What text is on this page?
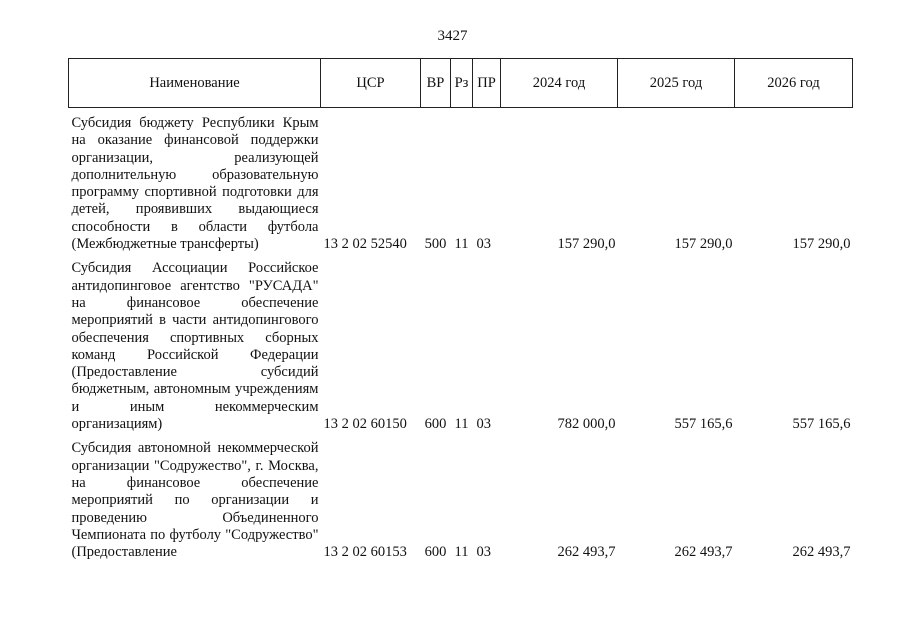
3427
Наименование	ЦСР	ВР	Рз	ПР	2024 год	2025 год	2026 год
Субсидия бюджету Республики Крым на оказание финансовой поддержки организации, реализующей дополнительную образовательную программу спортивной подготовки для детей, проявивших выдающиеся способности в области футбола (Межбюджетные трансферты)	13 2 02 52540	500	11	03	157 290,0	157 290,0	157 290,0
Субсидия Ассоциации Российское антидопинговое агентство "РУСАДА" на финансовое обеспечение мероприятий в части антидопингового обеспечения спортивных сборных команд Российской Федерации (Предоставление субсидий бюджетным, автономным учреждениям и иным некоммерческим организациям)	13 2 02 60150	600	11	03	782 000,0	557 165,6	557 165,6
Субсидия автономной некоммерческой организации "Содружество", г. Москва, на финансовое обеспечение мероприятий по организации и проведению Объединенного Чемпионата по футболу "Содружество" (Предоставление	13 2 02 60153	600	11	03	262 493,7	262 493,7	262 493,7
